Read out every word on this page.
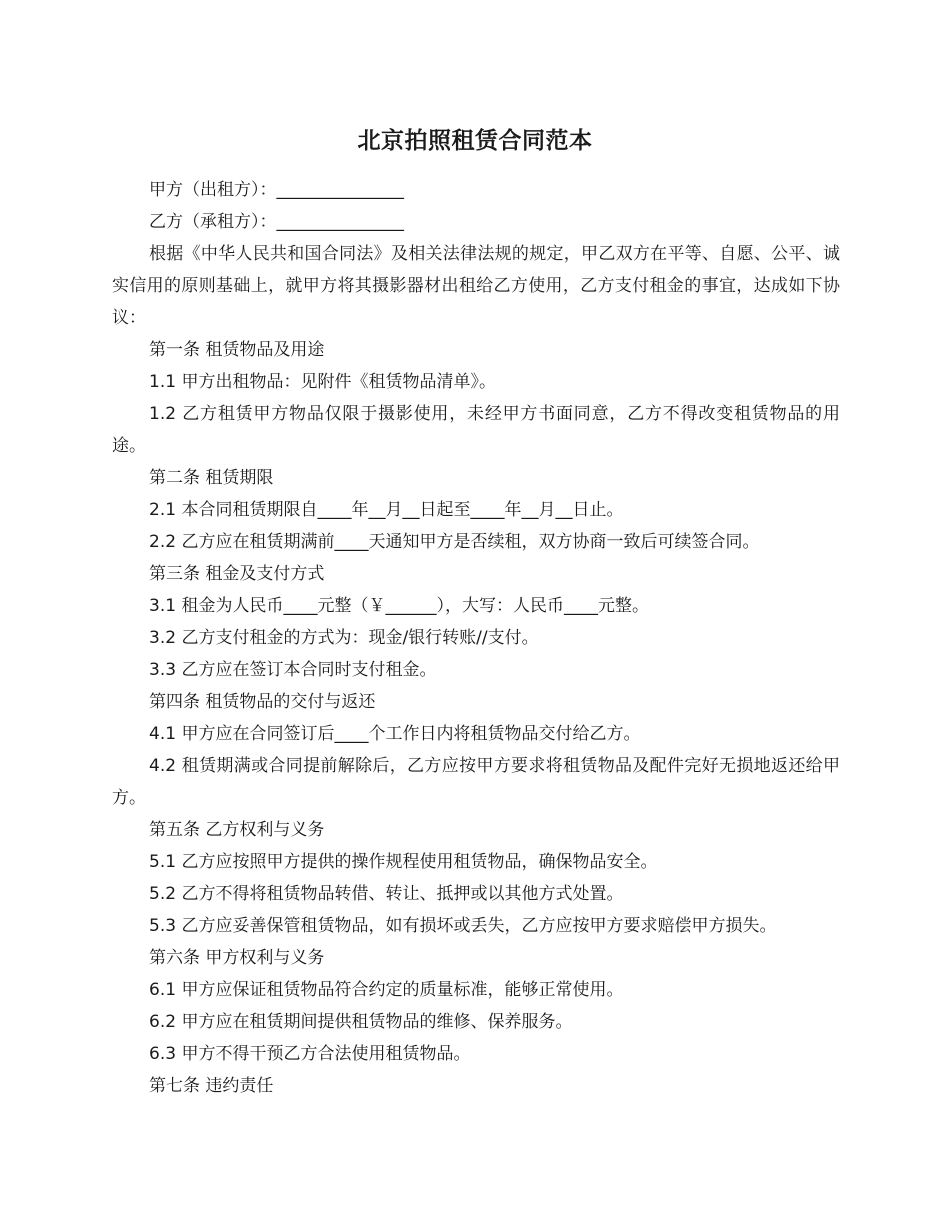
北京拍照租赁合同范本

甲方（出租方）：_______________

乙方（承租方）：_______________

根据《中华人民共和国合同法》及相关法律法规的规定，甲乙双方在平等、自愿、公平、诚实信用的原则基础上，就甲方将其摄影器材出租给乙方使用，乙方支付租金的事宜，达成如下协议：

第一条 租赁物品及用途

1.1 甲方出租物品：见附件《租赁物品清单》。

1.2 乙方租赁甲方物品仅限于摄影使用，未经甲方书面同意，乙方不得改变租赁物品的用途。

第二条 租赁期限

2.1 本合同租赁期限自____年__月__日起至____年__月__日止。

2.2 乙方应在租赁期满前____天通知甲方是否续租，双方协商一致后可续签合同。

第三条 租金及支付方式

3.1 租金为人民币____元整（￥______），大写：人民币____元整。

3.2 乙方支付租金的方式为：现金/银行转账//支付。

3.3 乙方应在签订本合同时支付租金。

第四条 租赁物品的交付与返还

4.1 甲方应在合同签订后____个工作日内将租赁物品交付给乙方。

4.2 租赁期满或合同提前解除后，乙方应按甲方要求将租赁物品及配件完好无损地返还给甲方。

第五条 乙方权利与义务

5.1 乙方应按照甲方提供的操作规程使用租赁物品，确保物品安全。

5.2 乙方不得将租赁物品转借、转让、抵押或以其他方式处置。

5.3 乙方应妥善保管租赁物品，如有损坏或丢失，乙方应按甲方要求赔偿甲方损失。

第六条 甲方权利与义务

6.1 甲方应保证租赁物品符合约定的质量标准，能够正常使用。

6.2 甲方应在租赁期间提供租赁物品的维修、保养服务。

6.3 甲方不得干预乙方合法使用租赁物品。

第七条 违约责任
